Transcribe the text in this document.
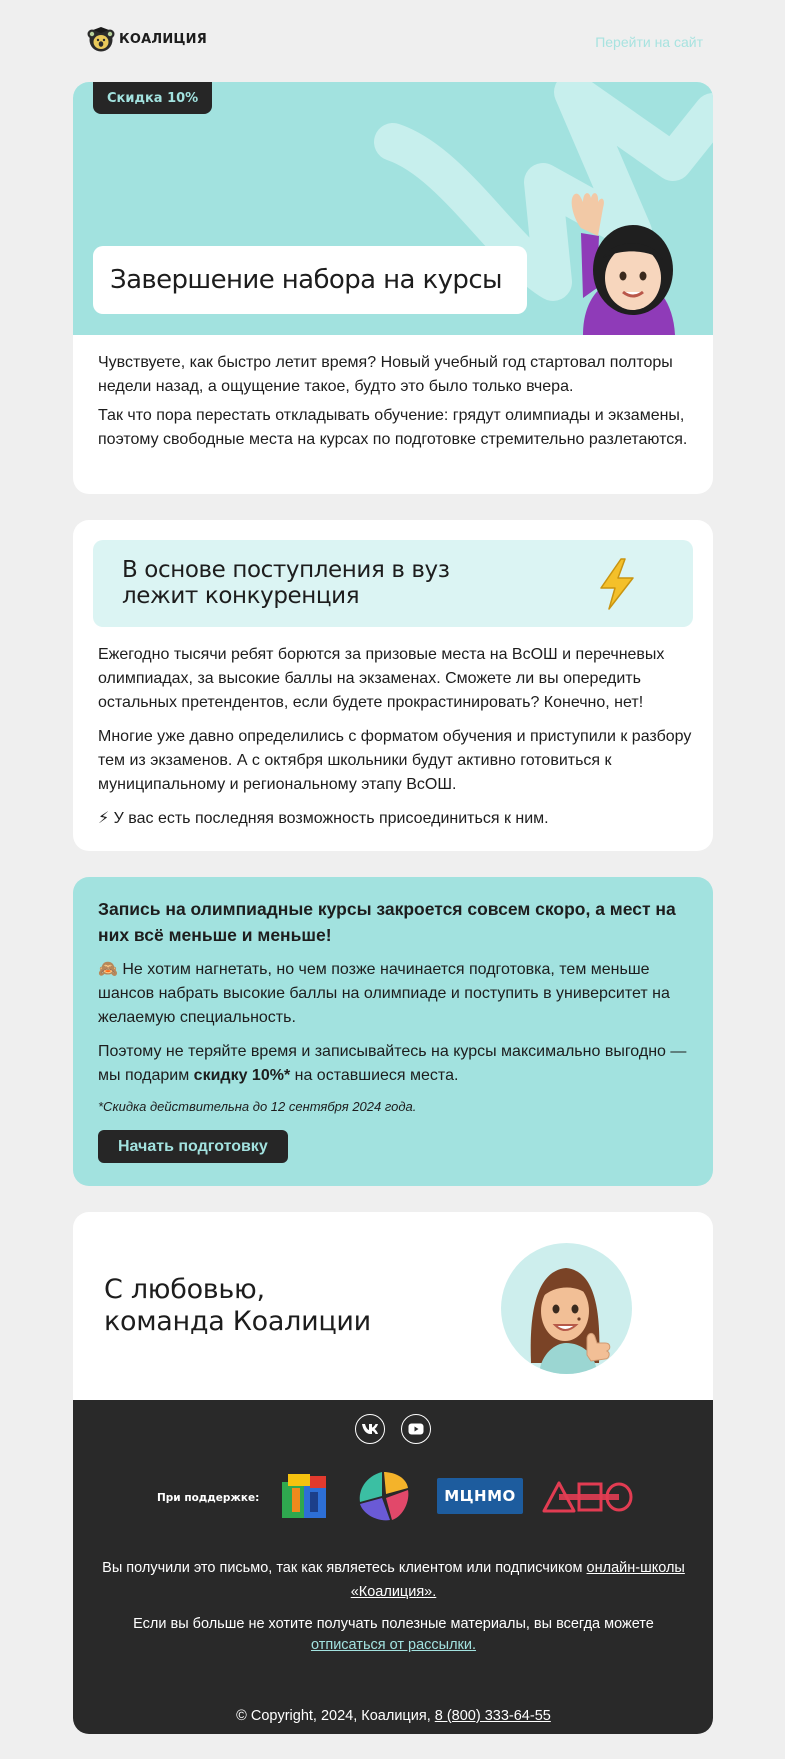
КОАЛИЦИЯ	Перейти на сайт
Скидка 10%
Завершение набора на курсы

Чувствуете, как быстро летит время? Новый учебный год стартовал полторы недели назад, а ощущение такое, будто это было только вчера.

Так что пора перестать откладывать обучение: грядут олимпиады и экзамены, поэтому свободные места на курсах по подготовке стремительно разлетаются.

В основе поступления в вуз
лежит конкуренция

Ежегодно тысячи ребят борются за призовые места на ВсОШ и перечневых олимпиадах, за высокие баллы на экзаменах. Сможете ли вы опередить остальных претендентов, если будете прокрастинировать? Конечно, нет!

Многие уже давно определились с форматом обучения и приступили к разбору тем из экзаменов. А с октября школьники будут активно готовиться к муниципальному и региональному этапу ВсОШ.

⚡ У вас есть последняя возможность присоединиться к ним.

Запись на олимпиадные курсы закроется совсем скоро, а мест на них всё меньше и меньше!

🙈 Не хотим нагнетать, но чем позже начинается подготовка, тем меньше шансов набрать высокие баллы на олимпиаде и поступить в университет на желаемую специальность.

Поэтому не теряйте время и записывайтесь на курсы максимально выгодно — мы подарим скидку 10%* на оставшиеся места.

*Скидка действительна до 12 сентября 2024 года.

Начать подготовку
С любовью,
команда Коалиции
При поддержке:	МЦНМО
Вы получили это письмо, так как являетесь клиентом или подписчиком онлайн-школы «Коалиция».
Если вы больше не хотите получать полезные материалы, вы всегда можете отписаться от рассылки.
© Copyright, 2024, Коалиция, 8 (800) 333-64-55
